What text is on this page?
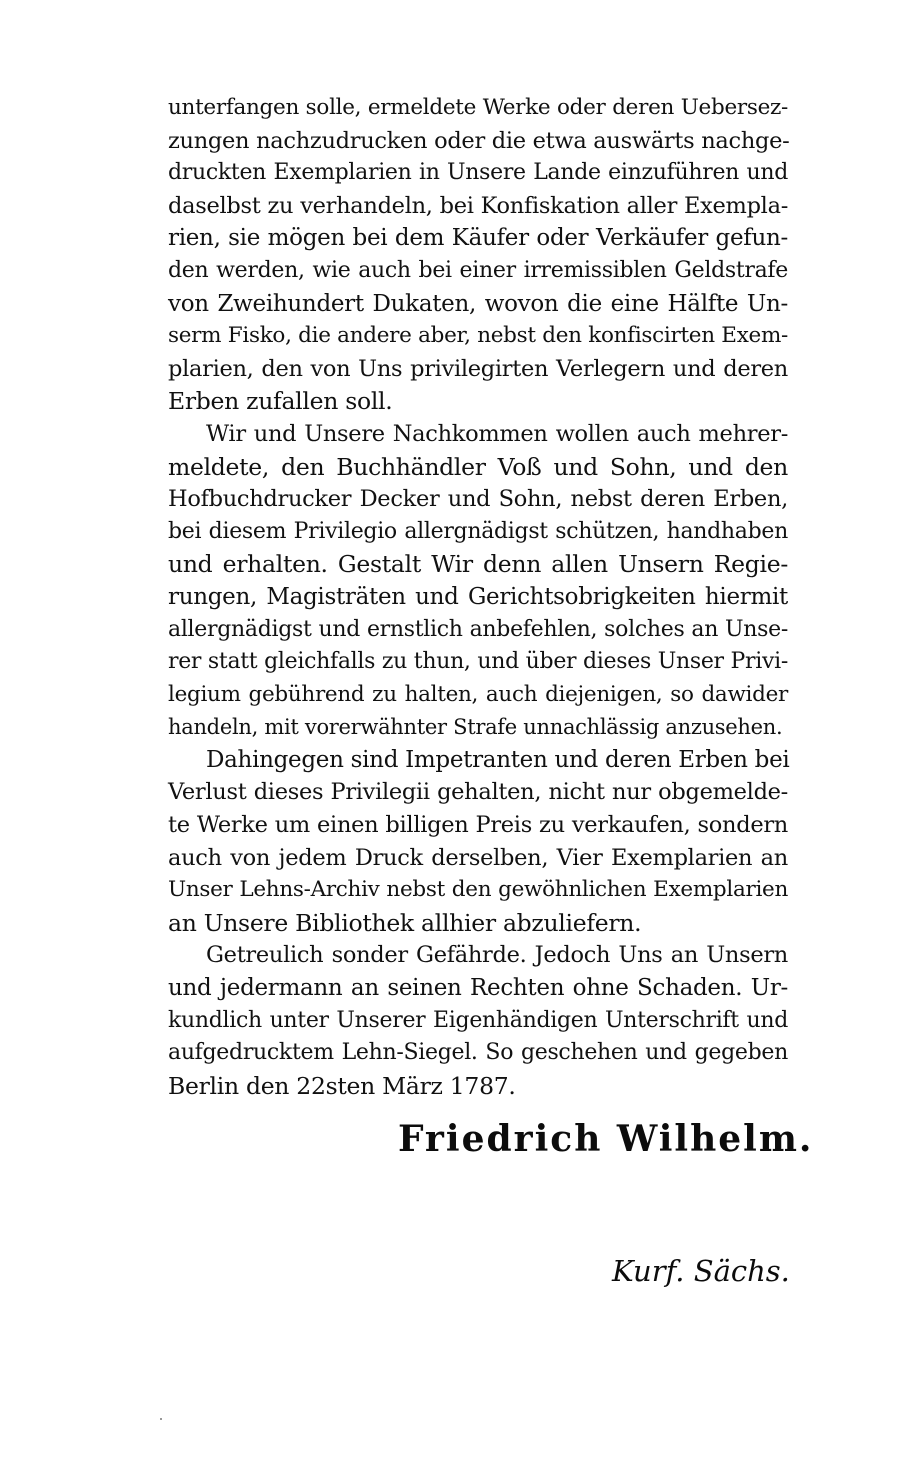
unterfangen solle, ermeldete Werke oder deren Uebersez-
zungen nachzudrucken oder die etwa auswärts nachge-
druckten Exemplarien in Unsere Lande einzuführen und
daselbst zu verhandeln, bei Konfiskation aller Exempla-
rien, sie mögen bei dem Käufer oder Verkäufer gefun-
den werden, wie auch bei einer irremissiblen Geldstrafe
von Zweihundert Dukaten, wovon die eine Hälfte Un-
serm Fisko, die andere aber, nebst den konfiscirten Exem-
plarien, den von Uns privilegirten Verlegern und deren
Erben zufallen soll.
Wir und Unsere Nachkommen wollen auch mehrer-
meldete, den Buchhändler Voß und Sohn, und den
Hofbuchdrucker Decker und Sohn, nebst deren Erben,
bei diesem Privilegio allergnädigst schützen, handhaben
und erhalten. Gestalt Wir denn allen Unsern Regie-
rungen, Magisträten und Gerichtsobrigkeiten hiermit
allergnädigst und ernstlich anbefehlen, solches an Unse-
rer statt gleichfalls zu thun, und über dieses Unser Privi-
legium gebührend zu halten, auch diejenigen, so dawider
handeln, mit vorerwähnter Strafe unnachlässig anzusehen.
Dahingegen sind Impetranten und deren Erben bei
Verlust dieses Privilegii gehalten, nicht nur obgemelde-
te Werke um einen billigen Preis zu verkaufen, sondern
auch von jedem Druck derselben, Vier Exemplarien an
Unser Lehns-Archiv nebst den gewöhnlichen Exemplarien
an Unsere Bibliothek allhier abzuliefern.
Getreulich sonder Gefährde. Jedoch Uns an Unsern
und jedermann an seinen Rechten ohne Schaden. Ur-
kundlich unter Unserer Eigenhändigen Unterschrift und
aufgedrucktem Lehn-Siegel. So geschehen und gegeben
Berlin den 22sten März 1787.
Friedrich Wilhelm.
Kurf. Sächs.
